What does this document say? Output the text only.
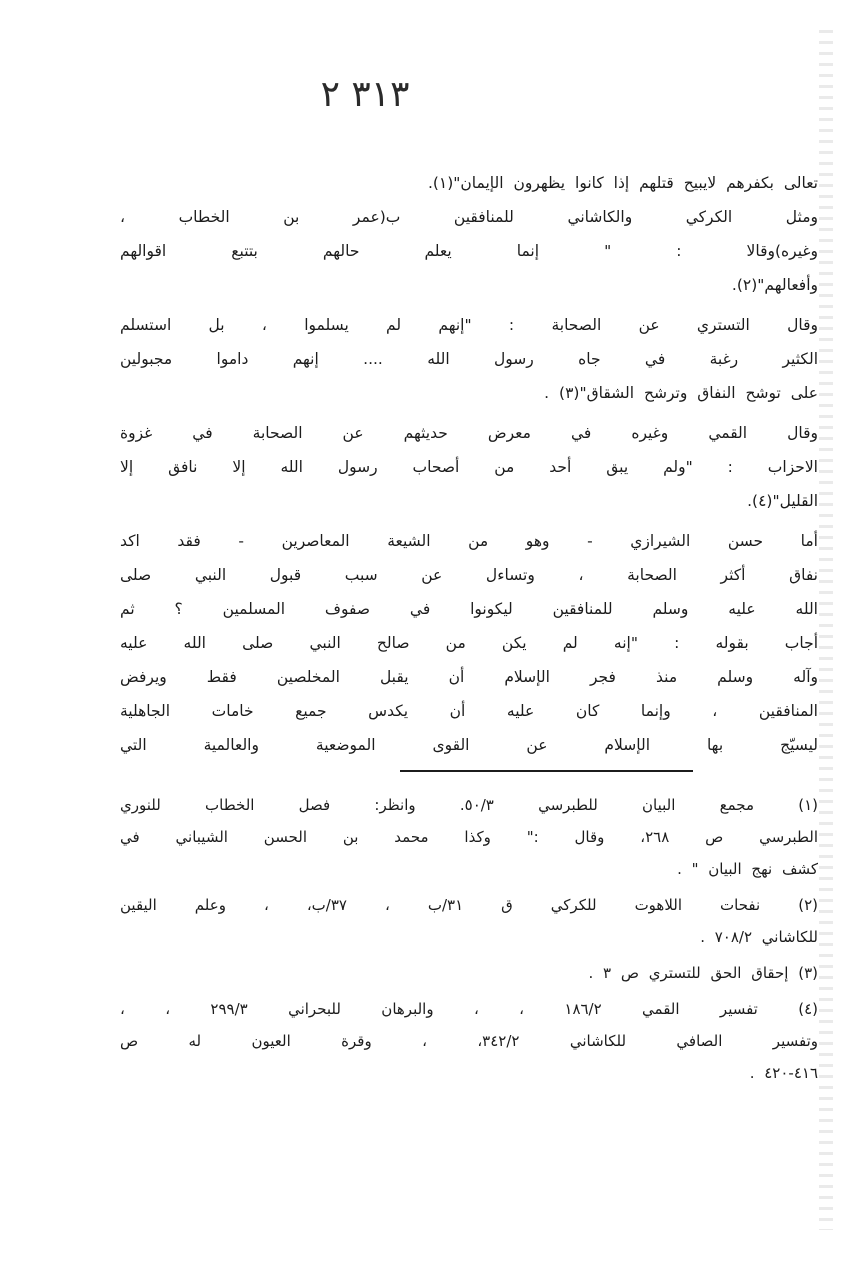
٣١٣ ٢
تعالى بكفرهم لايبيح قتلهم إذا كانوا يظهرون الإيمان"(١).
ومثل الكركي والكاشاني للمنافقين ب(عمر بن الخطاب ،
وغيره)وقالا : " إنما يعلم حالهم بتتبع اقوالهم
وأفعالهم"(٢).
وقال التستري عن الصحابة : "إنهم لم يسلموا ، بل استسلم
الكثير رغبة في جاه رسول الله .... إنهم داموا مجبولين
على توشح النفاق وترشح الشقاق"(٣) .
وقال القمي وغيره في معرض حديثهم عن الصحابة في غزوة
الاحزاب : "ولم يبق أحد من أصحاب رسول الله إلا نافق إلا
القليل"(٤).
أما حسن الشيرازي - وهو من الشيعة المعاصرين - فقد اكد
نفاق أكثر الصحابة ، وتساءل عن سبب قبول النبي صلى
الله عليه وسلم للمنافقين ليكونوا في صفوف المسلمين ؟ ثم
أجاب بقوله : "إنه لم يكن من صالح النبي صلى الله عليه
وآله وسلم منذ فجر الإسلام أن يقبل المخلصين فقط ويرفض
المنافقين ، وإنما كان عليه أن يكدس جميع خامات الجاهلية
ليسيّج بها الإسلام عن القوى الموضعية والعالمية التي
(١) مجمع البيان للطبرسي ٥٠/٣. وانظر: فصل الخطاب للنوري
الطبرسي ص ٢٦٨، وقال :" وكذا محمد بن الحسن الشيباني في
كشف نهج البيان " .
(٢) نفحات اللاهوت للكركي ق ٣١/ب ، ٣٧/ب، ، وعلم اليقين
للكاشاني ٧٠٨/٢ .
(٣) إحقاق الحق للتستري ص ٣ .
(٤) تفسير القمي ١٨٦/٢ ، ، والبرهان للبحراني ٢٩٩/٣ ، ،
وتفسير الصافي للكاشاني ٣٤٢/٢، ، وقرة العيون له ص
٤١٦-٤٢٠ .
